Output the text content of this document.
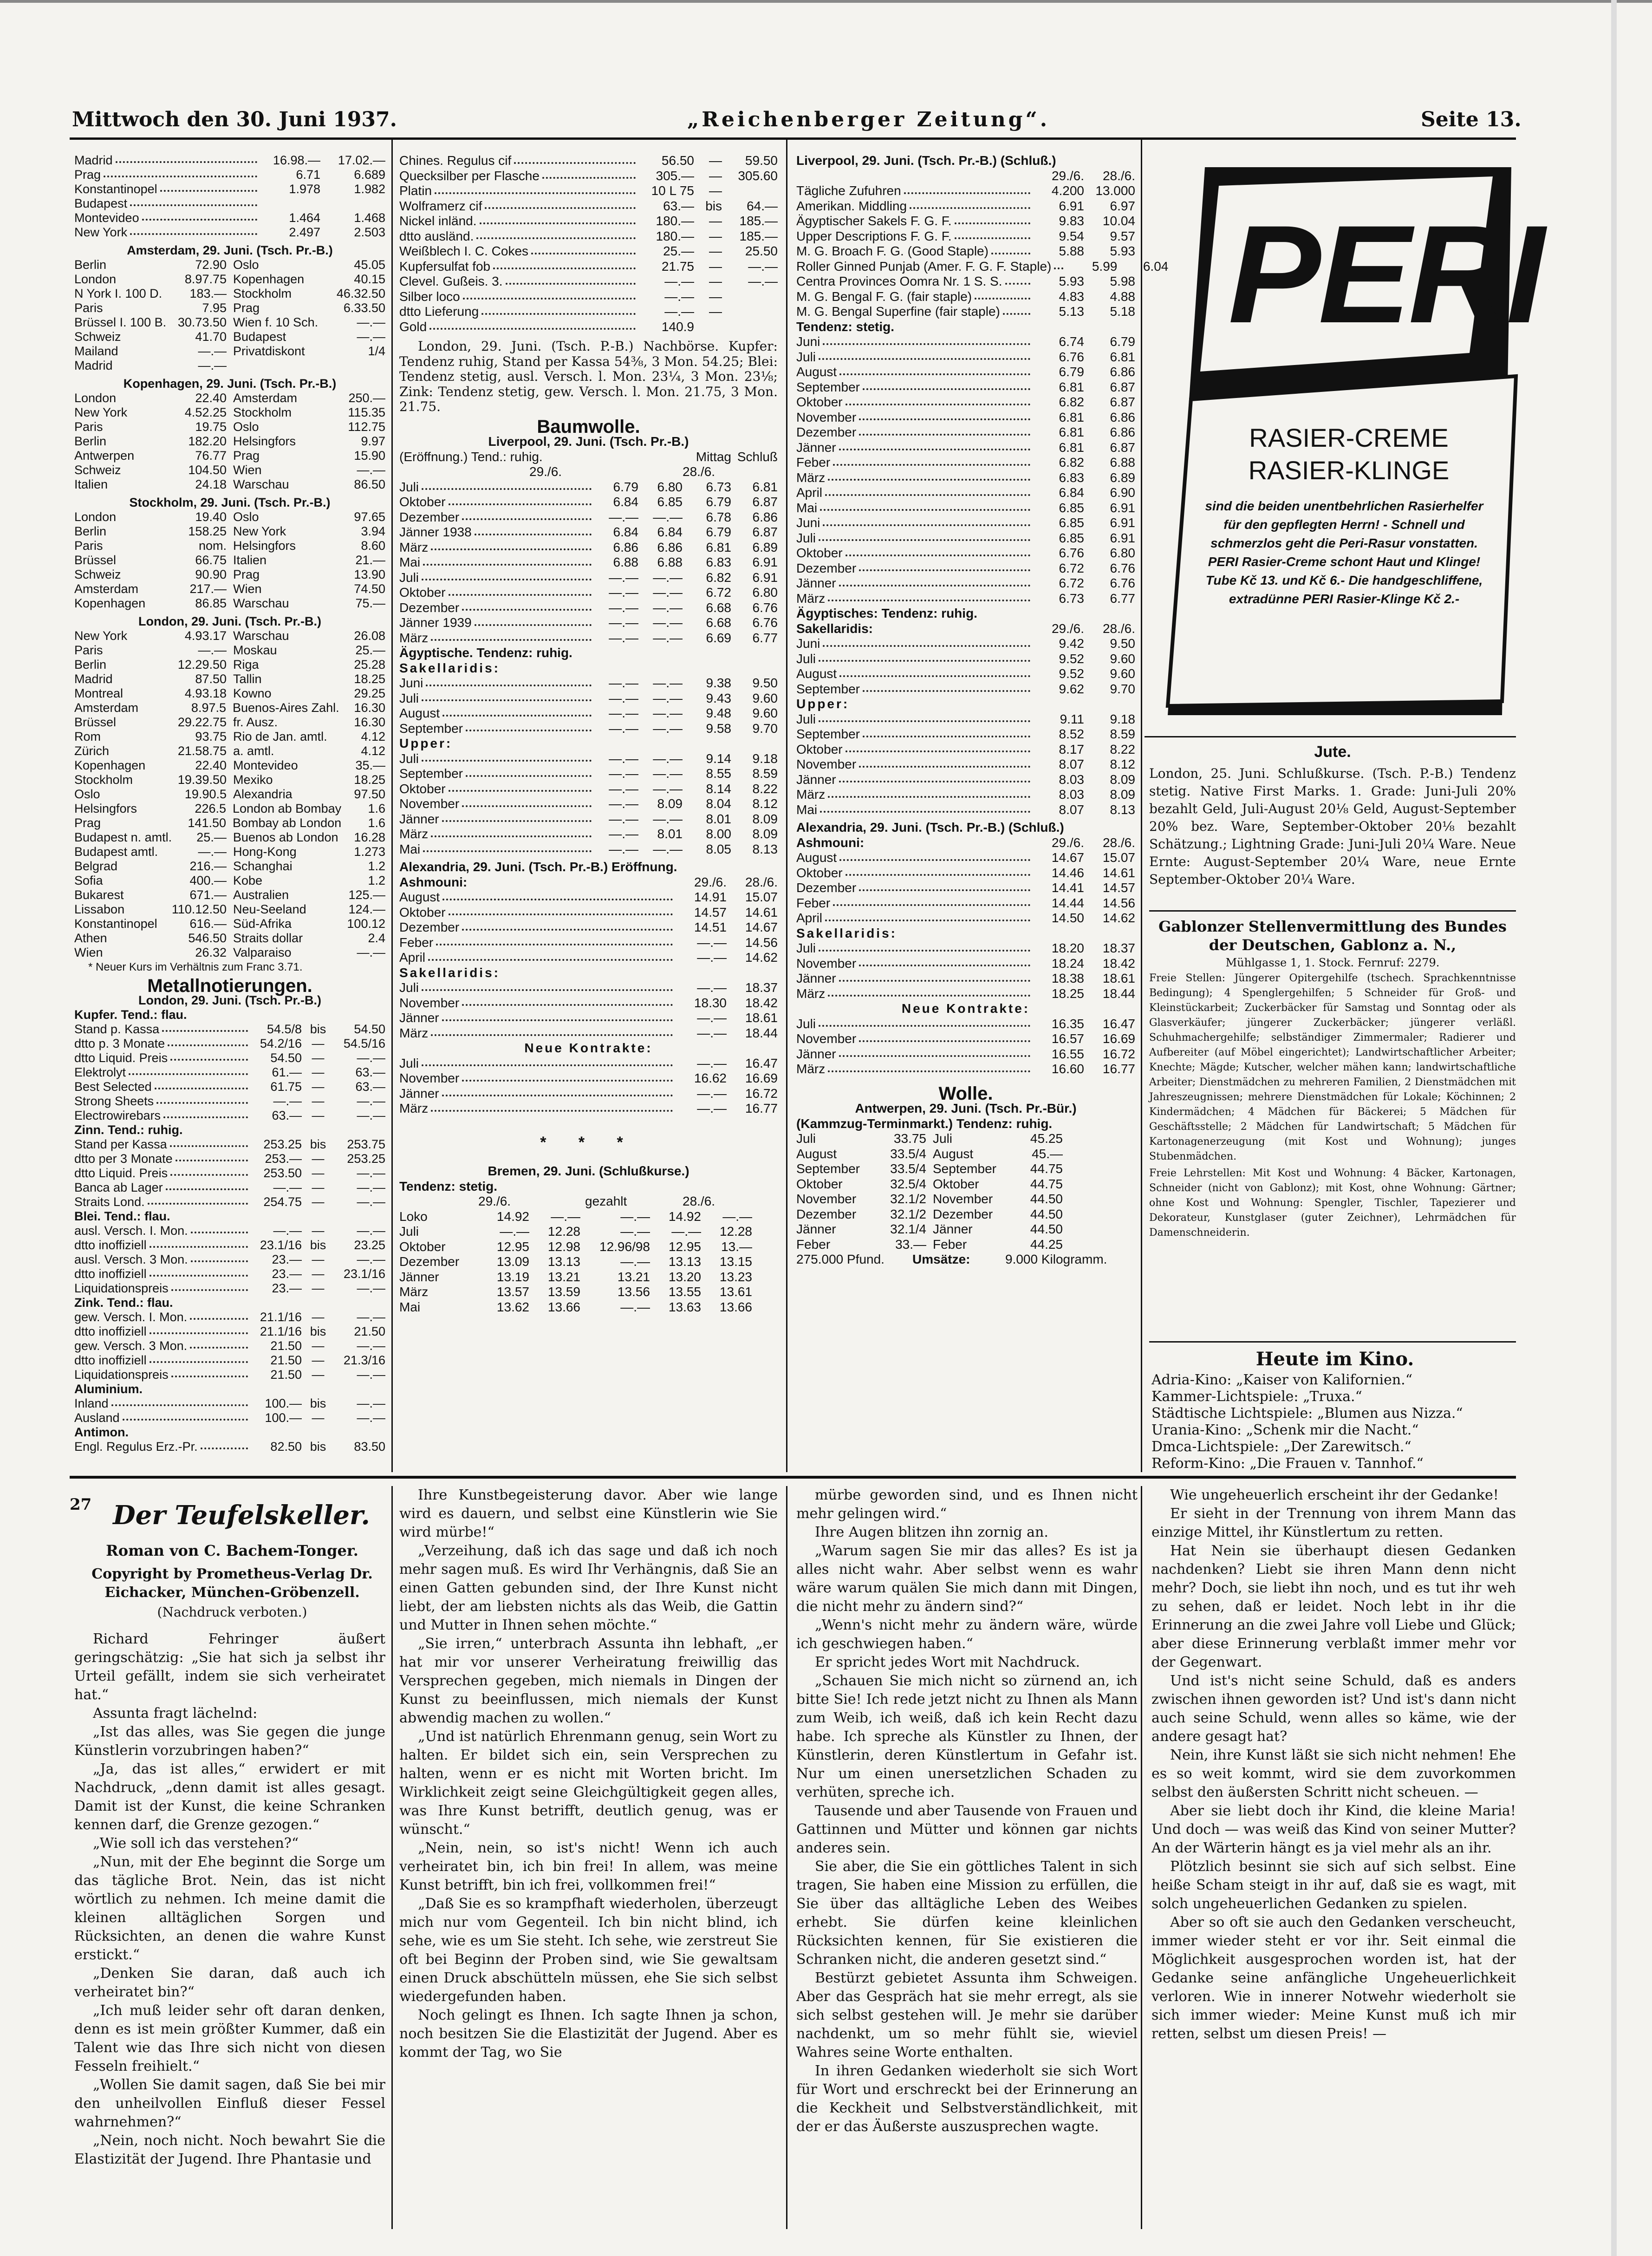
Mittwoch den 30. Juni 1937.	„Reichenberger Zeitung“.	Seite 13.
Madrid	16.98.—	17.02.—
Prag	6.71	6.689
Konstantinopel	1.978	1.982
Budapest
Montevideo	1.464	1.468
New York	2.497	2.503
Amsterdam, 29. Juni. (Tsch. Pr.-B.)
Berlin	72.90 Oslo	45.05
London	8.97.75 Kopenhagen	40.15
N York I. 100 D.	183.— Stockholm	46.32.50
Paris	7.95 Prag	6.33.50
Brüssel I. 100 B. 30.73.50 Wien f. 10 Sch.	—.—
Schweiz	41.70 Budapest	—.—
Mailand	—.— Privatdiskont	1/4
Madrid	—.—
Kopenhagen, 29. Juni. (Tsch. Pr.-B.)
London	22.40 Amsterdam	250.—
New York	4.52.25 Stockholm	115.35
Paris	19.75 Oslo	112.75
Berlin	182.20 Helsingfors	9.97
Antwerpen	76.77 Prag	15.90
Schweiz	104.50 Wien	—.—
Italien	24.18 Warschau	86.50
Stockholm, 29. Juni. (Tsch. Pr.-B.)
London	19.40 Oslo	97.65
Berlin	158.25 New York	3.94
Paris	nom. Helsingfors	8.60
Brüssel	66.75 Italien	21.—
Schweiz	90.90 Prag	13.90
Amsterdam	217.— Wien	74.50
Kopenhagen	86.85 Warschau	75.—
London, 29. Juni. (Tsch. Pr.-B.)
New York	4.93.17 Warschau	26.08
Paris	—.— Moskau	25.—
Berlin	12.29.50 Riga	25.28
Madrid	87.50 Tallin	18.25
Montreal	4.93.18 Kowno	29.25
Amsterdam	8.97.5 Buenos-Aires Zahl.	16.30
Brüssel	29.22.75 fr. Ausz.	16.30
Rom	93.75 Rio de Jan. amtl.	4.12
Zürich	21.58.75 a. amtl.	4.12
Kopenhagen	22.40 Montevideo	35.—
Stockholm	19.39.50 Mexiko	18.25
Oslo	19.90.5 Alexandria	97.50
Helsingfors	226.5 London ab Bombay	1.6
Prag	141.50 Bombay ab London	1.6
Budapest n. amtl.	25.— Buenos ab London	16.28
Budapest amtl.	—.— Hong-Kong	1.273
Belgrad	216.— Schanghai	1.2
Sofia	400.— Kobe	1.2
Bukarest	671.— Australien	125.—
Lissabon	110.12.50 Neu-Seeland	124.—
Konstantinopel	616.— Süd-Afrika	100.12
Athen	546.50 Straits dollar	2.4
Wien	26.32 Valparaiso	—.—
* Neuer Kurs im Verhältnis zum Franc 3.71.
Metallnotierungen.
London, 29. Juni. (Tsch. Pr.-B.)
Kupfer. Tend.: flau.
Stand p. Kassa	54.5/8 bis	54.50
dtto p. 3 Monate	54.2/16 —	54.5/16
dtto Liquid. Preis	54.50 —	—.—
Elektrolyt	61.— —	63.—
Best Selected	61.75 —	63.—
Strong Sheets	—.— —	—.—
Electrowirebars	63.— —	—.—
Zinn. Tend.: ruhig.
Stand per Kassa	253.25 bis	253.75
dtto per 3 Monate	253.— —	253.25
dtto Liquid. Preis	253.50 —	—.—
Banca ab Lager	—.— —	—.—
Straits Lond.	254.75 —	—.—
Blei. Tend.: flau.
ausl. Versch. I. Mon.	—.— —	—.—
dtto inoffiziell	23.1/16 bis	23.25
ausl. Versch. 3 Mon.	23.— —	—.—
dtto inoffiziell	23.— —	23.1/16
Liquidationspreis	23.— —	—.—
Zink. Tend.: flau.
gew. Versch. I. Mon.	21.1/16 —	—.—
dtto inoffiziell	21.1/16 bis	21.50
gew. Versch. 3 Mon.	21.50 —	—.—
dtto inoffiziell	21.50 —	21.3/16
Liquidationspreis	21.50 —	—.—
Aluminium.
Inland	100.— bis	—.—
Ausland	100.— —	—.—
Antimon.
Engl. Regulus Erz.-Pr.	82.50 bis	83.50
Chines. Regulus cif	56.50	—	59.50
Quecksilber per Flasche	305.—	—	305.60
Platin	10 L 75	—
Wolframerz cif	63.— bis	64.—
Nickel inländ.	180.—	—	185.—
dtto ausländ.	180.—	—	185.—
Weißblech I. C. Cokes	25.—	—	25.50
Kupfersulfat fob	21.75	—	—.—
Clevel. Gußeis. 3.	—.—	—	—.—
Silber loco	—.—	—
dtto Lieferung	—.—	—
Gold	140.9
London, 29. Juni. (Tsch. P.-B.) Nachbörse. Kupfer: Tendenz ruhig, Stand per Kassa 54⅜, 3 Mon. 54.25; Blei: Tendenz stetig, ausl. Versch. l. Mon. 23¼, 3 Mon. 23⅛; Zink: Tendenz stetig, gew. Versch. l. Mon. 21.75, 3 Mon. 21.75.
Baumwolle.
Liverpool, 29. Juni. (Tsch. Pr.-B.)
(Eröffnung.) Tend.: ruhig.	Mittag Schluß
29./6.	28./6.
Juli	6.79	6.80	6.73	6.81
Oktober	6.84	6.85	6.79	6.87
Dezember	—.—	—.—	6.78	6.86
Jänner 1938	6.84	6.84	6.79	6.87
März	6.86	6.86	6.81	6.89
Mai	6.88	6.88	6.83	6.91
Juli	—.—	—.—	6.82	6.91
Oktober	—.—	—.—	6.72	6.80
Dezember	—.—	—.—	6.68	6.76
Jänner 1939	—.—	—.—	6.68	6.76
März	—.—	—.—	6.69	6.77
Ägyptische. Tendenz: ruhig.
Sakellaridis:
Juni	—.—	—.—	9.38	9.50
Juli	—.—	—.—	9.43	9.60
August	—.—	—.—	9.48	9.60
September	—.—	—.—	9.58	9.70
Upper:
Juli	—.—	—.—	9.14	9.18
September	—.—	—.—	8.55	8.59
Oktober	—.—	—.—	8.14	8.22
November	—.—	8.09	8.04	8.12
Jänner	—.—	—.—	8.01	8.09
März	—.—	8.01	8.00	8.09
Mai	—.—	—.—	8.05	8.13
Alexandria, 29. Juni. (Tsch. Pr.-B.) Eröffnung.
Ashmouni:	29./6.	28./6.
August	14.91	15.07
Oktober	14.57	14.61
Dezember	14.51	14.67
Feber	—.—	14.56
April	—.—	14.62
Sakellaridis:
Juli	—.—	18.37
November	18.30	18.42
Jänner	—.—	18.61
März	—.—	18.44
Neue Kontrakte:
Juli	—.—	16.47
November	16.62	16.69
Jänner	—.—	16.72
März	—.—	16.77
* * *
Bremen, 29. Juni. (Schlußkurse.)
Tendenz: stetig.
29./6.	gezahlt	28./6.
Loko	14.92	—.—	—.—	14.92	—.—
Juli	—.—	12.28	—.—	—.—	12.28
Oktober	12.95	12.98	12.96/98	12.95	13.—
Dezember	13.09	13.13	—.—	13.13	13.15
Jänner	13.19	13.21	13.21	13.20	13.23
März	13.57	13.59	13.56	13.55	13.61
Mai	13.62	13.66	—.—	13.63	13.66
Liverpool, 29. Juni. (Tsch. Pr.-B.) (Schluß.)
29./6.	28./6.
Tägliche Zufuhren	4.200 13.000
Amerikan. Middling	6.91	6.97
Ägyptischer Sakels F. G. F.	9.83	10.04
Upper Descriptions F. G. F.	9.54	9.57
M. G. Broach F. G. (Good Staple)	5.88	5.93
Roller Ginned Punjab (Amer. F. G. F. Staple)	5.99	6.04
Centra Provinces Oomra Nr. 1 S. S.	5.93	5.98
M. G. Bengal F. G. (fair staple)	4.83	4.88
M. G. Bengal Superfine (fair staple)	5.13	5.18
Tendenz: stetig.
Juni	6.74	6.79
Juli	6.76	6.81
August	6.79	6.86
September	6.81	6.87
Oktober	6.82	6.87
November	6.81	6.86
Dezember	6.81	6.86
Jänner	6.81	6.87
Feber	6.82	6.88
März	6.83	6.89
April	6.84	6.90
Mai	6.85	6.91
Juni	6.85	6.91
Juli	6.85	6.91
Oktober	6.76	6.80
Dezember	6.72	6.76
Jänner	6.72	6.76
März	6.73	6.77
Ägyptisches: Tendenz: ruhig.
Sakellaridis:	29./6.	28./6.
Juni	9.42	9.50
Juli	9.52	9.60
August	9.52	9.60
September	9.62	9.70
Upper:
Juli	9.11	9.18
September	8.52	8.59
Oktober	8.17	8.22
November	8.07	8.12
Jänner	8.03	8.09
März	8.03	8.09
Mai	8.07	8.13
Alexandria, 29. Juni. (Tsch. Pr.-B.) (Schluß.)
Ashmouni:	29./6.	28./6.
August	14.67	15.07
Oktober	14.46	14.61
Dezember	14.41	14.57
Feber	14.44	14.56
April	14.50	14.62
Sakellaridis:
Juli	18.20	18.37
November	18.24	18.42
Jänner	18.38	18.61
März	18.25	18.44
Neue Kontrakte:
Juli	16.35	16.47
November	16.57	16.69
Jänner	16.55	16.72
März	16.60	16.77
Wolle.
Antwerpen, 29. Juni. (Tsch. Pr.-Bür.)
(Kammzug-Terminmarkt.) Tendenz: ruhig.
Juli	33.75 Juli	45.25
August	33.5/4 August	45.—
September	33.5/4 September	44.75
Oktober	32.5/4 Oktober	44.75
November	32.1/2 November	44.50
Dezember	32.1/2 Dezember	44.50
Jänner	32.1/4 Jänner	44.50
Feber	33.— Feber	44.25
275.000 Pfund.	Umsätze:	9.000 Kilogramm.
PERI
RASIER-CREME
RASIER-KLINGE
sind die beiden unentbehrlichen Rasierhelfer für den gepflegten Herrn! - Schnell und schmerzlos geht die Peri-Rasur vonstatten. PERI Rasier-Creme schont Haut und Klinge! Tube Kč 13. und Kč 6.- Die handgeschliffene, extradünne PERI Rasier-Klinge Kč 2.-
Jute.
London, 25. Juni. Schlußkurse. (Tsch. P.-B.) Tendenz stetig. Native First Marks. 1. Grade: Juni-Juli 20% bezahlt Geld, Juli-August 20⅛ Geld, August-September 20% bez. Ware, September-Oktober 20⅛ bezahlt Schätzung.; Lightning Grade: Juni-Juli 20¼ Ware. Neue Ernte: August-September 20¼ Ware, neue Ernte September-Oktober 20¼ Ware.
Gablonzer Stellenvermittlung des Bundes der Deutschen, Gablonz a. N.,
Mühlgasse 1, 1. Stock. Fernruf: 2279.
Freie Stellen: Jüngerer Opitergehilfe (tschech. Sprachkenntnisse Bedingung); 4 Spenglergehilfen; 5 Schneider für Groß- und Kleinstückarbeit; Zuckerbäcker für Samstag und Sonntag oder als Glasverkäufer; jüngerer Zuckerbäcker; jüngerer verläßl. Schuhmachergehilfe; selbständiger Zimmermaler; Radierer und Aufbereiter (auf Möbel eingerichtet); Landwirtschaftlicher Arbeiter; Knechte; Mägde; Kutscher, welcher mähen kann; landwirtschaftliche Arbeiter; Dienstmädchen zu mehreren Familien, 2 Dienstmädchen mit Jahreszeugnissen; mehrere Dienstmädchen für Lokale; Köchinnen; 2 Kindermädchen; 4 Mädchen für Bäckerei; 5 Mädchen für Geschäftsstelle; 2 Mädchen für Landwirtschaft; 5 Mädchen für Kartonagenerzeugung (mit Kost und Wohnung); junges Stubenmädchen.
Freie Lehrstellen: Mit Kost und Wohnung: 4 Bäcker, Kartonagen, Schneider (nicht von Gablonz); mit Kost, ohne Wohnung: Gärtner; ohne Kost und Wohnung: Spengler, Tischler, Tapezierer und Dekorateur, Kunstglaser (guter Zeichner), Lehrmädchen für Damenschneiderin.
Heute im Kino.
Adria-Kino: „Kaiser von Kalifornien.“
Kammer-Lichtspiele: „Truxa.“
Städtische Lichtspiele: „Blumen aus Nizza.“
Urania-Kino: „Schenk mir die Nacht.“
Dmca-Lichtspiele: „Der Zarewitsch.“
Reform-Kino: „Die Frauen v. Tannhof.“
27 Der Teufelskeller.
Roman von C. Bachem-Tonger.
Copyright by Prometheus-Verlag Dr. Eichacker, München-Gröbenzell.
(Nachdruck verboten.)

Richard Fehringer äußert geringschätzig: „Sie hat sich ja selbst ihr Urteil gefällt, indem sie sich verheiratet hat.“

Assunta fragt lächelnd:

„Ist das alles, was Sie gegen die junge Künstlerin vorzubringen haben?“

„Ja, das ist alles,“ erwidert er mit Nachdruck, „denn damit ist alles gesagt. Damit ist der Kunst, die keine Schranken kennen darf, die Grenze gezogen.“

„Wie soll ich das verstehen?“

„Nun, mit der Ehe beginnt die Sorge um das tägliche Brot. Nein, das ist nicht wörtlich zu nehmen. Ich meine damit die kleinen alltäglichen Sorgen und Rücksichten, an denen die wahre Kunst erstickt.“

„Denken Sie daran, daß auch ich verheiratet bin?“

„Ich muß leider sehr oft daran denken, denn es ist mein größter Kummer, daß ein Talent wie das Ihre sich nicht von diesen Fesseln freihielt.“

„Wollen Sie damit sagen, daß Sie bei mir den unheilvollen Einfluß dieser Fessel wahrnehmen?“

„Nein, noch nicht. Noch bewahrt Sie die Elastizität der Jugend. Ihre Phantasie und

Ihre Kunstbegeisterung davor. Aber wie lange wird es dauern, und selbst eine Künstlerin wie Sie wird mürbe!“

„Verzeihung, daß ich das sage und daß ich noch mehr sagen muß. Es wird Ihr Verhängnis, daß Sie an einen Gatten gebunden sind, der Ihre Kunst nicht liebt, der am liebsten nichts als das Weib, die Gattin und Mutter in Ihnen sehen möchte.“

„Sie irren,“ unterbrach Assunta ihn lebhaft, „er hat mir vor unserer Verheiratung freiwillig das Versprechen gegeben, mich niemals in Dingen der Kunst zu beeinflussen, mich niemals der Kunst abwendig machen zu wollen.“

„Und ist natürlich Ehrenmann genug, sein Wort zu halten. Er bildet sich ein, sein Versprechen zu halten, wenn er es nicht mit Worten bricht. Im Wirklichkeit zeigt seine Gleichgültigkeit gegen alles, was Ihre Kunst betrifft, deutlich genug, was er wünscht.“

„Nein, nein, so ist's nicht! Wenn ich auch verheiratet bin, ich bin frei! In allem, was meine Kunst betrifft, bin ich frei, vollkommen frei!“

„Daß Sie es so krampfhaft wiederholen, überzeugt mich nur vom Gegenteil. Ich bin nicht blind, ich sehe, wie es um Sie steht. Ich sehe, wie zerstreut Sie oft bei Beginn der Proben sind, wie Sie gewaltsam einen Druck abschütteln müssen, ehe Sie sich selbst wiedergefunden haben.

Noch gelingt es Ihnen. Ich sagte Ihnen ja schon, noch besitzen Sie die Elastizität der Jugend. Aber es kommt der Tag, wo Sie

mürbe geworden sind, und es Ihnen nicht mehr gelingen wird.“

Ihre Augen blitzen ihn zornig an.

„Warum sagen Sie mir das alles? Es ist ja alles nicht wahr. Aber selbst wenn es wahr wäre warum quälen Sie mich dann mit Dingen, die nicht mehr zu ändern sind?“

„Wenn's nicht mehr zu ändern wäre, würde ich geschwiegen haben.“

Er spricht jedes Wort mit Nachdruck.

„Schauen Sie mich nicht so zürnend an, ich bitte Sie! Ich rede jetzt nicht zu Ihnen als Mann zum Weib, ich weiß, daß ich kein Recht dazu habe. Ich spreche als Künstler zu Ihnen, der Künstlerin, deren Künstlertum in Gefahr ist. Nur um einen unersetzlichen Schaden zu verhüten, spreche ich.

Tausende und aber Tausende von Frauen und Gattinnen und Mütter und können gar nichts anderes sein.

Sie aber, die Sie ein göttliches Talent in sich tragen, Sie haben eine Mission zu erfüllen, die Sie über das alltägliche Leben des Weibes erhebt. Sie dürfen keine kleinlichen Rücksichten kennen, für Sie existieren die Schranken nicht, die anderen gesetzt sind.“

Bestürzt gebietet Assunta ihm Schweigen. Aber das Gespräch hat sie mehr erregt, als sie sich selbst gestehen will. Je mehr sie darüber nachdenkt, um so mehr fühlt sie, wieviel Wahres seine Worte enthalten.

In ihren Gedanken wiederholt sie sich Wort für Wort und erschreckt bei der Erinnerung an die Keckheit und Selbstverständlichkeit, mit der er das Äußerste auszusprechen wagte.

Wie ungeheuerlich erscheint ihr der Gedanke!

Er sieht in der Trennung von ihrem Mann das einzige Mittel, ihr Künstlertum zu retten.

Hat Nein sie überhaupt diesen Gedanken nachdenken? Liebt sie ihren Mann denn nicht mehr? Doch, sie liebt ihn noch, und es tut ihr weh zu sehen, daß er leidet. Noch lebt in ihr die Erinnerung an die zwei Jahre voll Liebe und Glück; aber diese Erinnerung verblaßt immer mehr vor der Gegenwart.

Und ist's nicht seine Schuld, daß es anders zwischen ihnen geworden ist? Und ist's dann nicht auch seine Schuld, wenn alles so käme, wie der andere gesagt hat?

Nein, ihre Kunst läßt sie sich nicht nehmen! Ehe es so weit kommt, wird sie dem zuvorkommen selbst den äußersten Schritt nicht scheuen. —

Aber sie liebt doch ihr Kind, die kleine Maria! Und doch — was weiß das Kind von seiner Mutter? An der Wärterin hängt es ja viel mehr als an ihr.

Plötzlich besinnt sie sich auf sich selbst. Eine heiße Scham steigt in ihr auf, daß sie es wagt, mit solch ungeheuerlichen Gedanken zu spielen.

Aber so oft sie auch den Gedanken verscheucht, immer wieder steht er vor ihr. Seit einmal die Möglichkeit ausgesprochen worden ist, hat der Gedanke seine anfängliche Ungeheuerlichkeit verloren. Wie in innerer Notwehr wiederholt sie sich immer wieder: Meine Kunst muß ich mir retten, selbst um diesen Preis! —
